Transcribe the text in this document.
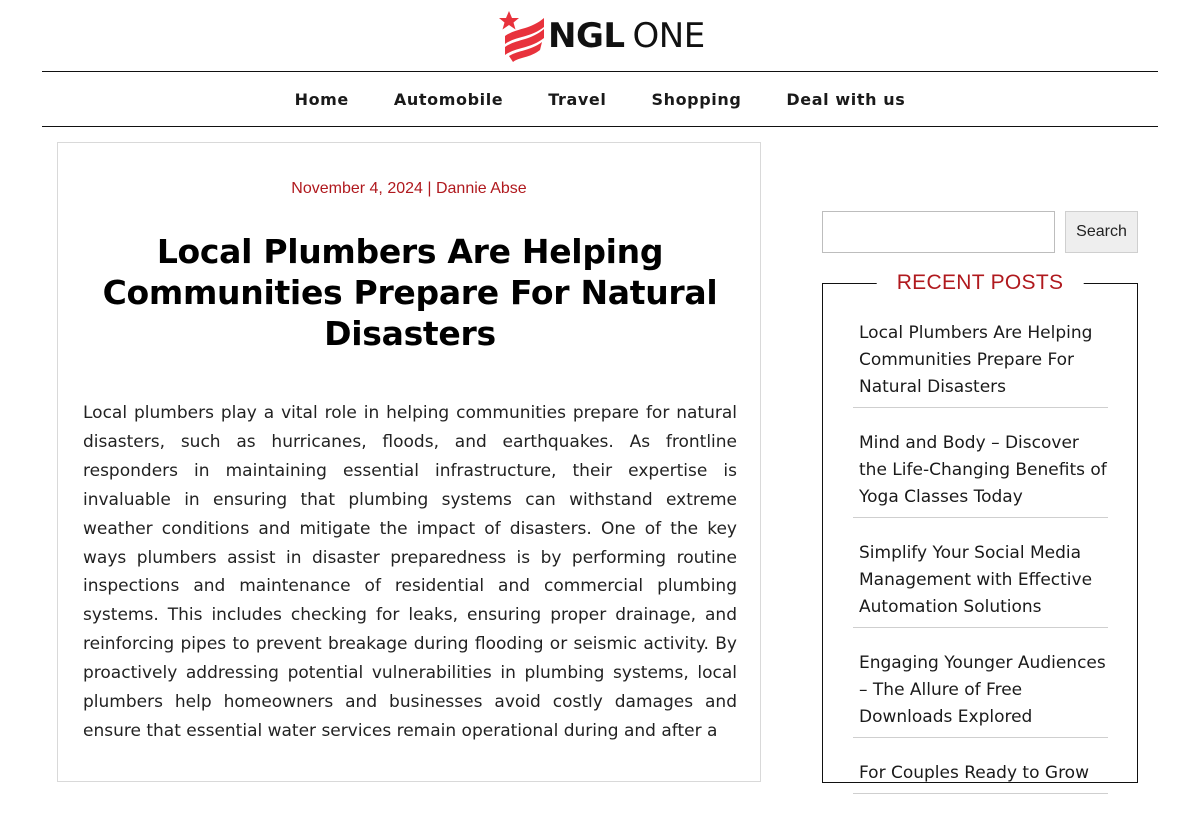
NGL ONE
Home	Automobile	Travel	Shopping	Deal with us
November 4, 2024 | Dannie Abse
Local Plumbers Are Helping Communities Prepare For Natural Disasters

Local plumbers play a vital role in helping communities prepare for natural disasters, such as hurricanes, floods, and earthquakes. As frontline responders in maintaining essential infrastructure, their expertise is invaluable in ensuring that plumbing systems can withstand extreme weather conditions and mitigate the impact of disasters. One of the key ways plumbers assist in disaster preparedness is by performing routine inspections and maintenance of residential and commercial plumbing systems. This includes checking for leaks, ensuring proper drainage, and reinforcing pipes to prevent breakage during flooding or seismic activity. By proactively addressing potential vulnerabilities in plumbing systems, local plumbers help homeowners and businesses avoid costly damages and ensure that essential water services remain operational during and after a

Search
RECENT POSTS
Local Plumbers Are Helping Communities Prepare For Natural Disasters
Mind and Body – Discover the Life-Changing Benefits of Yoga Classes Today
Simplify Your Social Media Management with Effective Automation Solutions
Engaging Younger Audiences – The Allure of Free Downloads Explored
For Couples Ready to Grow
